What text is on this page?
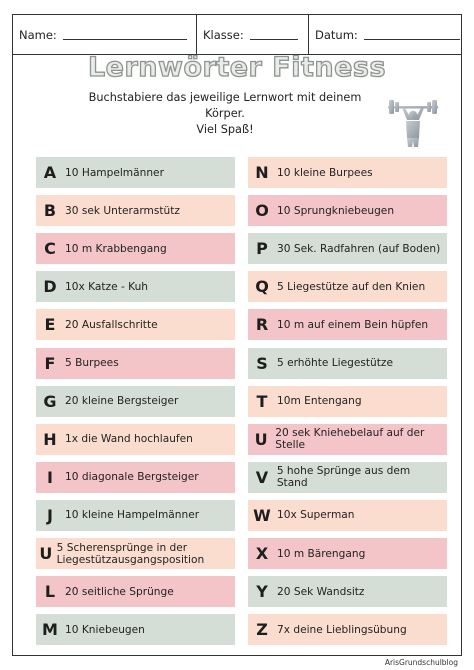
Name:	Klasse:	Datum:
Lernwörter Fitness
Buchstabiere das jeweilige Lernwort mit deinem Körper.
Viel Spaß!
A 10 Hampelmänner
B 30 sek Unterarmstütz
C 10 m Krabbengang
D 10x Katze - Kuh
E 20 Ausfallschritte
F 5 Burpees
G 20 kleine Bergsteiger
H 1x die Wand hochlaufen
I	10 diagonale Bergsteiger
J	10 kleine Hampelmänner
U 5 Scherensprünge in der Liegestützausgangsposition
L 20 seitliche Sprünge
M 10 Kniebeugen
N 10 kleine Burpees
O 10 Sprungkniebeugen
P 30 Sek. Radfahren (auf Boden)
Q 5 Liegestütze auf den Knien
R 10 m auf einem Bein hüpfen
S 5 erhöhte Liegestütze
T 10m Entengang
U 20 sek Kniehebelauf auf der Stelle
V 5 hohe Sprünge aus dem Stand
W 10x Superman
X 10 m Bärengang
Y 20 Sek Wandsitz
Z 7x deine Lieblingsübung
ArisGrundschulblog
